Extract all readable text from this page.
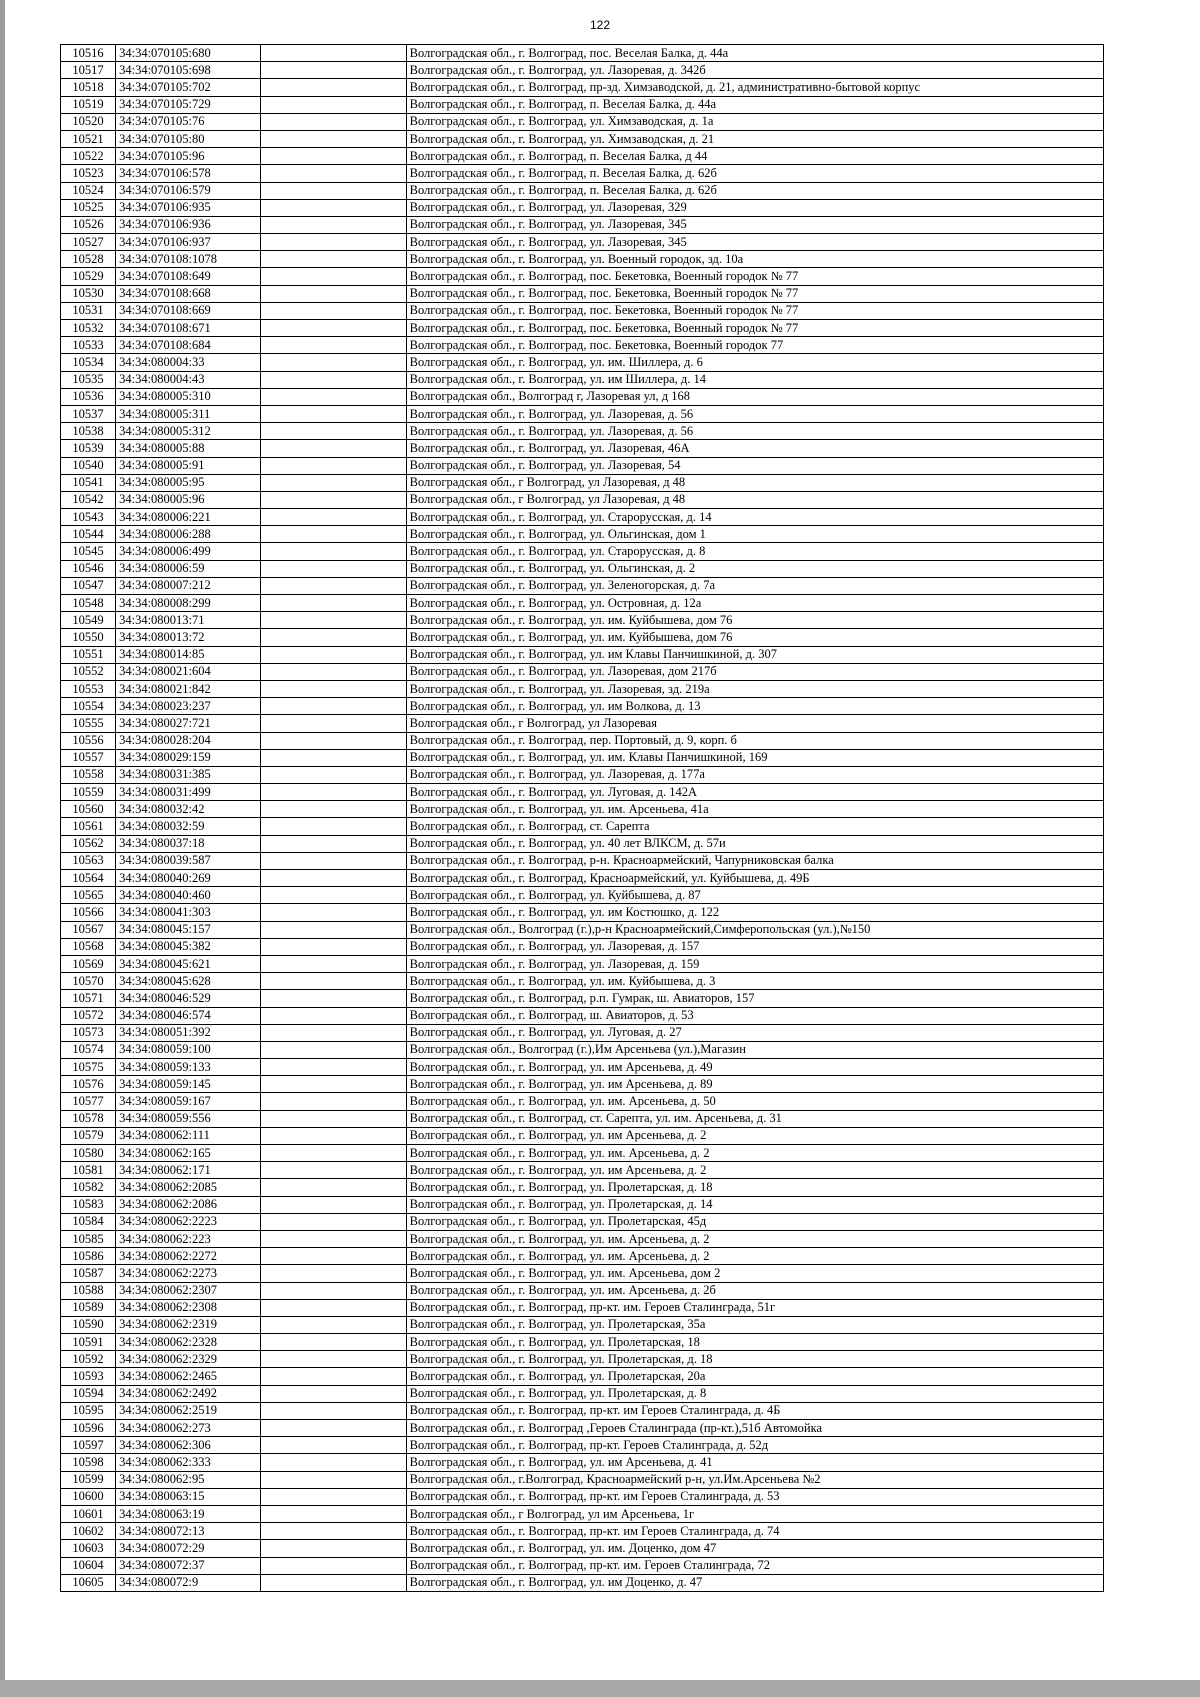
122
10516	34:34:070105:680		Волгоградская обл., г. Волгоград, пос. Веселая Балка, д. 44а
10517	34:34:070105:698		Волгоградская обл., г. Волгоград, ул. Лазоревая, д. 342б
10518	34:34:070105:702		Волгоградская обл., г. Волгоград, пр-зд. Химзаводской, д. 21, административно-бытовой корпус
10519	34:34:070105:729		Волгоградская обл., г. Волгоград, п. Веселая Балка, д. 44а
10520	34:34:070105:76		Волгоградская обл., г. Волгоград, ул. Химзаводская, д. 1а
10521	34:34:070105:80		Волгоградская обл., г. Волгоград, ул. Химзаводская, д. 21
10522	34:34:070105:96		Волгоградская обл., г. Волгоград, п. Веселая Балка, д 44
10523	34:34:070106:578		Волгоградская обл., г. Волгоград, п. Веселая Балка, д. 62б
10524	34:34:070106:579		Волгоградская обл., г. Волгоград, п. Веселая Балка, д. 62б
10525	34:34:070106:935		Волгоградская обл., г. Волгоград, ул. Лазоревая, 329
10526	34:34:070106:936		Волгоградская обл., г. Волгоград, ул. Лазоревая, 345
10527	34:34:070106:937		Волгоградская обл., г. Волгоград, ул. Лазоревая, 345
10528	34:34:070108:1078		Волгоградская обл., г. Волгоград, ул. Военный городок, зд. 10а
10529	34:34:070108:649		Волгоградская обл., г. Волгоград, пос. Бекетовка, Военный городок № 77
10530	34:34:070108:668		Волгоградская обл., г. Волгоград, пос. Бекетовка, Военный городок № 77
10531	34:34:070108:669		Волгоградская обл., г. Волгоград, пос. Бекетовка, Военный городок № 77
10532	34:34:070108:671		Волгоградская обл., г. Волгоград, пос. Бекетовка, Военный городок № 77
10533	34:34:070108:684		Волгоградская обл., г. Волгоград, пос. Бекетовка, Военный городок 77
10534	34:34:080004:33		Волгоградская обл., г. Волгоград, ул. им. Шиллера, д. 6
10535	34:34:080004:43		Волгоградская обл., г. Волгоград, ул. им Шиллера, д. 14
10536	34:34:080005:310		Волгоградская обл., Волгоград г, Лазоревая ул, д 168
10537	34:34:080005:311		Волгоградская обл., г. Волгоград, ул. Лазоревая, д. 56
10538	34:34:080005:312		Волгоградская обл., г. Волгоград, ул. Лазоревая, д. 56
10539	34:34:080005:88		Волгоградская обл., г. Волгоград, ул. Лазоревая, 46А
10540	34:34:080005:91		Волгоградская обл., г. Волгоград, ул. Лазоревая, 54
10541	34:34:080005:95		Волгоградская обл., г Волгоград, ул Лазоревая, д 48
10542	34:34:080005:96		Волгоградская обл., г Волгоград, ул Лазоревая, д 48
10543	34:34:080006:221		Волгоградская обл., г. Волгоград, ул. Старорусская, д. 14
10544	34:34:080006:288		Волгоградская обл., г. Волгоград, ул. Ольгинская, дом 1
10545	34:34:080006:499		Волгоградская обл., г. Волгоград, ул. Старорусская, д. 8
10546	34:34:080006:59		Волгоградская обл., г. Волгоград, ул. Ольгинская, д. 2
10547	34:34:080007:212		Волгоградская обл., г. Волгоград, ул. Зеленогорская, д. 7а
10548	34:34:080008:299		Волгоградская обл., г. Волгоград, ул. Островная, д. 12а
10549	34:34:080013:71		Волгоградская обл., г. Волгоград, ул. им. Куйбышева, дом 76
10550	34:34:080013:72		Волгоградская обл., г. Волгоград, ул. им. Куйбышева, дом 76
10551	34:34:080014:85		Волгоградская обл., г. Волгоград, ул. им Клавы Панчишкиной, д. 307
10552	34:34:080021:604		Волгоградская обл., г. Волгоград, ул. Лазоревая, дом 217б
10553	34:34:080021:842		Волгоградская обл., г. Волгоград, ул. Лазоревая, зд. 219а
10554	34:34:080023:237		Волгоградская обл., г. Волгоград, ул. им Волкова, д. 13
10555	34:34:080027:721		Волгоградская обл., г Волгоград, ул Лазоревая
10556	34:34:080028:204		Волгоградская обл., г. Волгоград, пер. Портовый, д. 9, корп. б
10557	34:34:080029:159		Волгоградская обл., г. Волгоград, ул. им. Клавы Панчишкиной, 169
10558	34:34:080031:385		Волгоградская обл., г. Волгоград, ул. Лазоревая, д. 177а
10559	34:34:080031:499		Волгоградская обл., г. Волгоград, ул. Луговая, д. 142А
10560	34:34:080032:42		Волгоградская обл., г. Волгоград, ул. им. Арсеньева, 41а
10561	34:34:080032:59		Волгоградская обл., г. Волгоград, ст. Сарепта
10562	34:34:080037:18		Волгоградская обл., г. Волгоград, ул. 40 лет ВЛКСМ, д. 57и
10563	34:34:080039:587		Волгоградская обл., г. Волгоград, р-н. Красноармейский, Чапурниковская балка
10564	34:34:080040:269		Волгоградская обл., г. Волгоград, Красноармейский, ул. Куйбышева, д. 49Б
10565	34:34:080040:460		Волгоградская обл., г. Волгоград, ул. Куйбышева, д. 87
10566	34:34:080041:303		Волгоградская обл., г. Волгоград, ул. им Костюшко, д. 122
10567	34:34:080045:157		Волгоградская обл., Волгоград (г.),р-н Красноармейский,Симферопольская (ул.),№150
10568	34:34:080045:382		Волгоградская обл., г. Волгоград, ул. Лазоревая, д. 157
10569	34:34:080045:621		Волгоградская обл., г. Волгоград, ул. Лазоревая, д. 159
10570	34:34:080045:628		Волгоградская обл., г. Волгоград, ул. им. Куйбышева, д. 3
10571	34:34:080046:529		Волгоградская обл., г. Волгоград, р.п. Гумрак, ш. Авиаторов, 157
10572	34:34:080046:574		Волгоградская обл., г. Волгоград, ш. Авиаторов, д. 53
10573	34:34:080051:392		Волгоградская обл., г. Волгоград, ул. Луговая, д. 27
10574	34:34:080059:100		Волгоградская обл., Волгоград (г.),Им Арсеньева (ул.),Магазин
10575	34:34:080059:133		Волгоградская обл., г. Волгоград, ул. им Арсеньева, д. 49
10576	34:34:080059:145		Волгоградская обл., г. Волгоград, ул. им Арсеньева, д. 89
10577	34:34:080059:167		Волгоградская обл., г. Волгоград, ул. им. Арсеньева, д. 50
10578	34:34:080059:556		Волгоградская обл., г. Волгоград, ст. Сарепта, ул. им. Арсеньева, д. 31
10579	34:34:080062:111		Волгоградская обл., г. Волгоград, ул. им Арсеньева, д. 2
10580	34:34:080062:165		Волгоградская обл., г. Волгоград, ул. им. Арсеньева, д. 2
10581	34:34:080062:171		Волгоградская обл., г. Волгоград, ул. им Арсеньева, д. 2
10582	34:34:080062:2085		Волгоградская обл., г. Волгоград, ул. Пролетарская, д. 18
10583	34:34:080062:2086		Волгоградская обл., г. Волгоград, ул. Пролетарская, д. 14
10584	34:34:080062:2223		Волгоградская обл., г. Волгоград, ул. Пролетарская, 45д
10585	34:34:080062:223		Волгоградская обл., г. Волгоград, ул. им. Арсеньева, д. 2
10586	34:34:080062:2272		Волгоградская обл., г. Волгоград, ул. им. Арсеньева, д. 2
10587	34:34:080062:2273		Волгоградская обл., г. Волгоград, ул. им. Арсеньева, дом 2
10588	34:34:080062:2307		Волгоградская обл., г. Волгоград, ул. им. Арсеньева, д. 2б
10589	34:34:080062:2308		Волгоградская обл., г. Волгоград, пр-кт. им. Героев Сталинграда, 51г
10590	34:34:080062:2319		Волгоградская обл., г. Волгоград, ул. Пролетарская, 35а
10591	34:34:080062:2328		Волгоградская обл., г. Волгоград, ул. Пролетарская, 18
10592	34:34:080062:2329		Волгоградская обл., г. Волгоград, ул. Пролетарская, д. 18
10593	34:34:080062:2465		Волгоградская обл., г. Волгоград, ул. Пролетарская, 20а
10594	34:34:080062:2492		Волгоградская обл., г. Волгоград, ул. Пролетарская, д. 8
10595	34:34:080062:2519		Волгоградская обл., г. Волгоград, пр-кт. им Героев Сталинграда, д. 4Б
10596	34:34:080062:273		Волгоградская обл., г. Волгоград ,Героев Сталинграда (пр-кт.),51б Автомойка
10597	34:34:080062:306		Волгоградская обл., г. Волгоград, пр-кт. Героев Сталинграда, д. 52д
10598	34:34:080062:333		Волгоградская обл., г. Волгоград, ул. им Арсеньева, д. 41
10599	34:34:080062:95		Волгоградская обл., г.Волгоград, Красноармейский р-н, ул.Им.Арсеньева №2
10600	34:34:080063:15		Волгоградская обл., г. Волгоград, пр-кт. им Героев Сталинграда, д. 53
10601	34:34:080063:19		Волгоградская обл., г Волгоград, ул им Арсеньева, 1г
10602	34:34:080072:13		Волгоградская обл., г. Волгоград, пр-кт. им Героев Сталинграда, д. 74
10603	34:34:080072:29		Волгоградская обл., г. Волгоград, ул. им. Доценко, дом 47
10604	34:34:080072:37		Волгоградская обл., г. Волгоград, пр-кт. им. Героев Сталинграда, 72
10605	34:34:080072:9		Волгоградская обл., г. Волгоград, ул. им Доценко, д. 47
